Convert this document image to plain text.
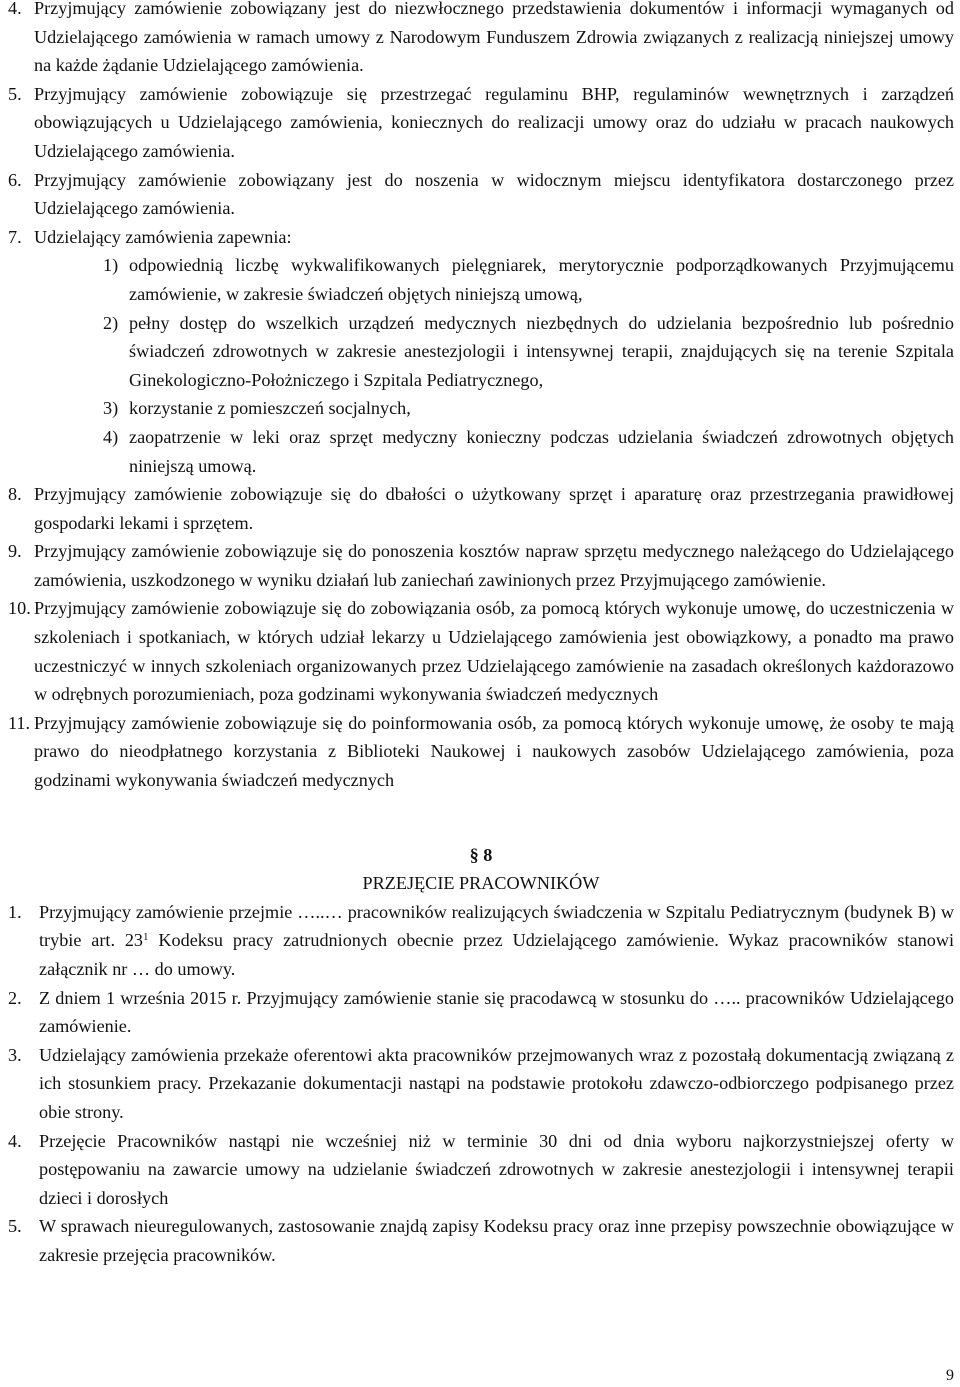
4. Przyjmujący zamówienie zobowiązany jest do niezwłocznego przedstawienia dokumentów i informacji wymaganych od Udzielającego zamówienia w ramach umowy z Narodowym Funduszem Zdrowia związanych z realizacją niniejszej umowy na każde żądanie Udzielającego zamówienia.
5. Przyjmujący zamówienie zobowiązuje się przestrzegać regulaminu BHP, regulaminów wewnętrznych i zarządzeń obowiązujących u Udzielającego zamówienia, koniecznych do realizacji umowy oraz do udziału w pracach naukowych Udzielającego zamówienia.
6. Przyjmujący zamówienie zobowiązany jest do noszenia w widocznym miejscu identyfikatora dostarczonego przez Udzielającego zamówienia.
7. Udzielający zamówienia zapewnia:
1) odpowiednią liczbę wykwalifikowanych pielęgniarek, merytorycznie podporządkowanych Przyjmującemu zamówienie, w zakresie świadczeń objętych niniejszą umową,
2) pełny dostęp do wszelkich urządzeń medycznych niezbędnych do udzielania bezpośrednio lub pośrednio świadczeń zdrowotnych w zakresie anestezjologii i intensywnej terapii, znajdujących się na terenie Szpitala Ginekologiczno-Położniczego i Szpitala Pediatrycznego,
3) korzystanie z pomieszczeń socjalnych,
4) zaopatrzenie w leki oraz sprzęt medyczny konieczny podczas udzielania świadczeń zdrowotnych objętych niniejszą umową.
8. Przyjmujący zamówienie zobowiązuje się do dbałości o użytkowany sprzęt i aparaturę oraz przestrzegania prawidłowej gospodarki lekami i sprzętem.
9. Przyjmujący zamówienie zobowiązuje się do ponoszenia kosztów napraw sprzętu medycznego należącego do Udzielającego zamówienia, uszkodzonego w wyniku działań lub zaniechań zawinionych przez Przyjmującego zamówienie.
10. Przyjmujący zamówienie zobowiązuje się do zobowiązania osób, za pomocą których wykonuje umowę, do uczestniczenia w szkoleniach i spotkaniach, w których udział lekarzy u Udzielającego zamówienia jest obowiązkowy, a ponadto ma prawo uczestniczyć w innych szkoleniach organizowanych przez Udzielającego zamówienie na zasadach określonych każdorazowo w odrębnych porozumieniach, poza godzinami wykonywania świadczeń medycznych
11. Przyjmujący zamówienie zobowiązuje się do poinformowania osób, za pomocą których wykonuje umowę, że osoby te mają prawo do nieodpłatnego korzystania z Biblioteki Naukowej i naukowych zasobów Udzielającego zamówienia, poza godzinami wykonywania świadczeń medycznych
§ 8
PRZEJĘCIE PRACOWNIKÓW
1. Przyjmujący zamówienie przejmie …..… pracowników realizujących świadczenia w Szpitalu Pediatrycznym (budynek B) w trybie art. $23^1$ Kodeksu pracy zatrudnionych obecnie przez Udzielającego zamówienie. Wykaz pracowników stanowi załącznik nr … do umowy.
2. Z dniem 1 września 2015 r. Przyjmujący zamówienie stanie się pracodawcą w stosunku do ….. pracowników Udzielającego zamówienie.
3. Udzielający zamówienia przekaże oferentowi akta pracowników przejmowanych wraz z pozostałą dokumentacją związaną z ich stosunkiem pracy. Przekazanie dokumentacji nastąpi na podstawie protokołu zdawczo-odbiorczego podpisanego przez obie strony.
4. Przejęcie Pracowników nastąpi nie wcześniej niż w terminie 30 dni od dnia wyboru najkorzystniejszej oferty w postępowaniu na zawarcie umowy na udzielanie świadczeń zdrowotnych w zakresie anestezjologii i intensywnej terapii dzieci i dorosłych
5. W sprawach nieuregulowanych, zastosowanie znajdą zapisy Kodeksu pracy oraz inne przepisy powszechnie obowiązujące w zakresie przejęcia pracowników.
9
